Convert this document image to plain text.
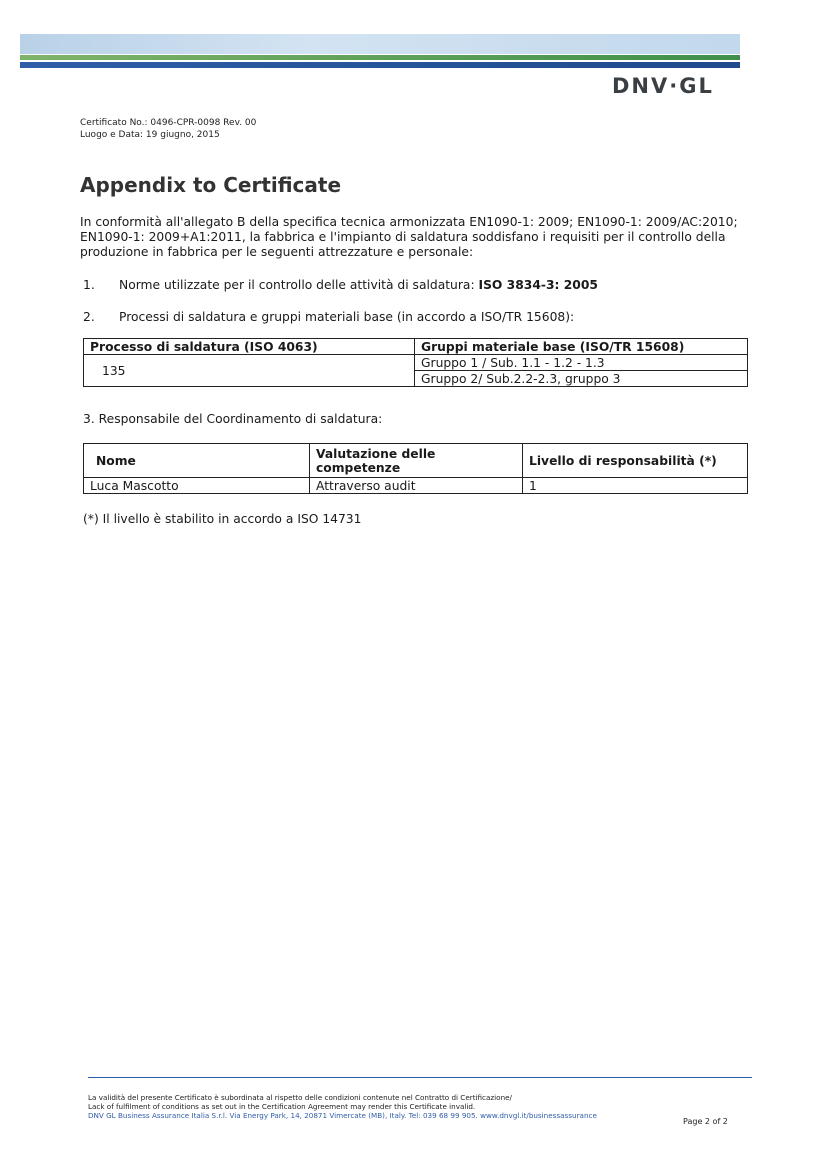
DNV·GL
Certificato No.: 0496-CPR-0098 Rev. 00
Luogo e Data: 19 giugno, 2015
Appendix to Certificate
In conformità all'allegato B della specifica tecnica armonizzata EN1090-1: 2009; EN1090-1: 2009/AC:2010; EN1090-1: 2009+A1:2011, la fabbrica e l'impianto di saldatura soddisfano i requisiti per il controllo della produzione in fabbrica per le seguenti attrezzature e personale:
1. Norme utilizzate per il controllo delle attività di saldatura: ISO 3834-3: 2005
2. Processi di saldatura e gruppi materiali base (in accordo a ISO/TR 15608):
Processo di saldatura (ISO 4063)	Gruppi materiale base (ISO/TR 15608)
135	Gruppo 1 / Sub. 1.1 - 1.2 - 1.3
	Gruppo 2/ Sub.2.2-2.3, gruppo 3
3. Responsabile del Coordinamento di saldatura:
Nome	Valutazione delle competenze	Livello di responsabilità (*)
Luca Mascotto	Attraverso audit	1
(*) Il livello è stabilito in accordo a ISO 14731
La validità del presente Certificato è subordinata al rispetto delle condizioni contenute nel Contratto di Certificazione/
Lack of fulfilment of conditions as set out in the Certification Agreement may render this Certificate invalid.
DNV GL Business Assurance Italia S.r.l. Via Energy Park, 14, 20871 Vimercate (MB), Italy. Tel: 039 68 99 905. www.dnvgl.it/businessassurance
Page 2 of 2
